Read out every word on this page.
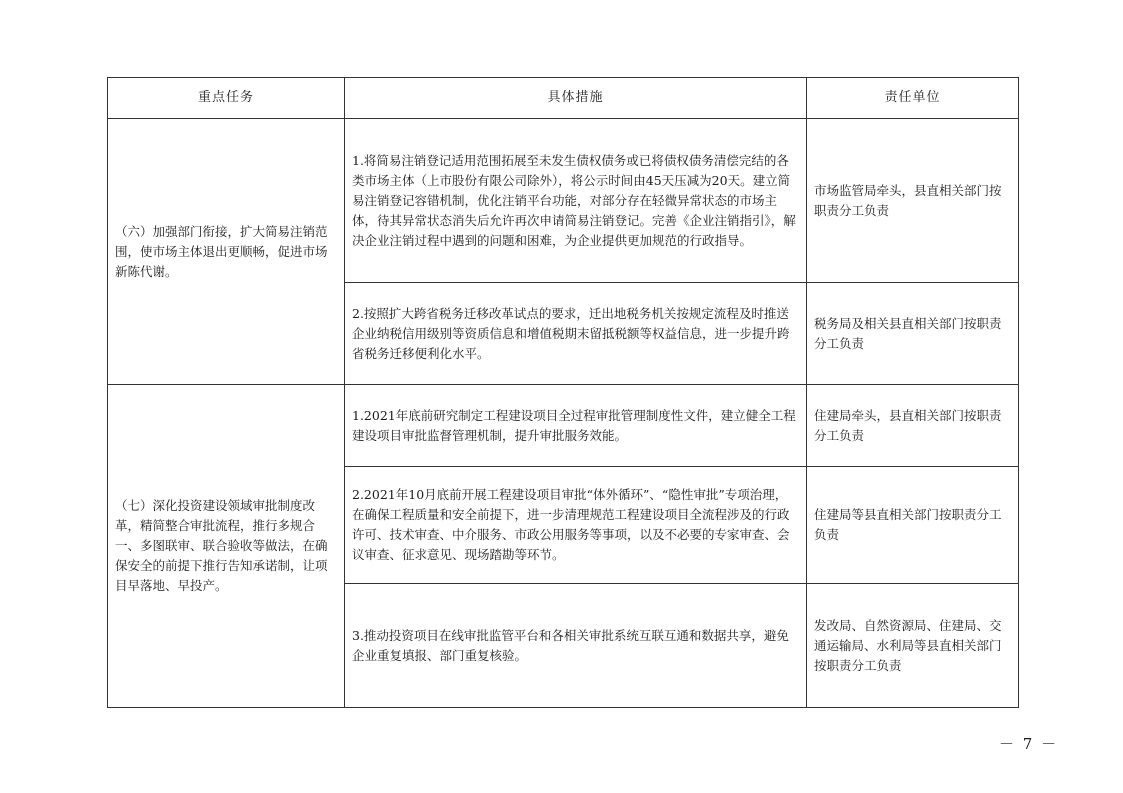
重点任务	具体措施	责任单位
（六）加强部门衔接，扩大简易注销范围，使市场主体退出更顺畅，促进市场新陈代谢。	1.将简易注销登记适用范围拓展至未发生债权债务或已将债权债务清偿完结的各类市场主体（上市股份有限公司除外），将公示时间由45天压减为20天。建立简易注销登记容错机制，优化注销平台功能，对部分存在轻微异常状态的市场主体，待其异常状态消失后允许再次申请简易注销登记。完善《企业注销指引》，解决企业注销过程中遇到的问题和困难，为企业提供更加规范的行政指导。	市场监管局牵头，县直相关部门按职责分工负责
	2.按照扩大跨省税务迁移改革试点的要求，迁出地税务机关按规定流程及时推送企业纳税信用级别等资质信息和增值税期末留抵税额等权益信息，进一步提升跨省税务迁移便利化水平。	税务局及相关县直相关部门按职责分工负责
（七）深化投资建设领域审批制度改革，精简整合审批流程，推行多规合一、多图联审、联合验收等做法，在确保安全的前提下推行告知承诺制，让项目早落地、早投产。	1.2021年底前研究制定工程建设项目全过程审批管理制度性文件，建立健全工程建设项目审批监督管理机制，提升审批服务效能。	住建局牵头，县直相关部门按职责分工负责
	2.2021年10月底前开展工程建设项目审批“体外循环”、“隐性审批”专项治理，在确保工程质量和安全前提下，进一步清理规范工程建设项目全流程涉及的行政许可、技术审查、中介服务、市政公用服务等事项，以及不必要的专家审查、会议审查、征求意见、现场踏勘等环节。	住建局等县直相关部门按职责分工负责
	3.推动投资项目在线审批监管平台和各相关审批系统互联互通和数据共享，避免企业重复填报、部门重复核验。	发改局、自然资源局、住建局、交通运输局、水利局等县直相关部门按职责分工负责
－ 7 －
